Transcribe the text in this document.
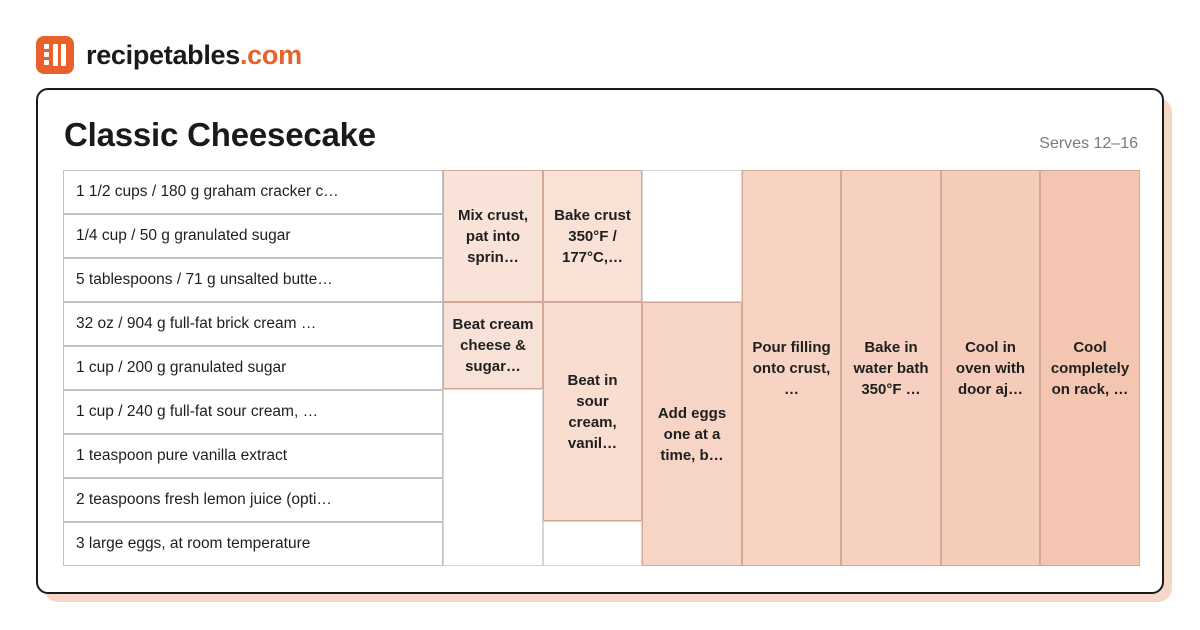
recipetables.com
Classic Cheesecake	Serves 12–16
1 1/2 cups / 180 g graham cracker c…
1/4 cup / 50 g granulated sugar
5 tablespoons / 71 g unsalted butte…
32 oz / 904 g full-fat brick cream …
1 cup / 200 g granulated sugar
1 cup / 240 g full-fat sour cream, …
1 teaspoon pure vanilla extract
2 teaspoons fresh lemon juice (opti…
3 large eggs, at room temperature
Mix crust, pat into sprin…
Bake crust 350°F / 177°C,…
Beat cream cheese & sugar…
Beat in sour cream, vanil…
Add eggs one at a time, b…
Pour filling onto crust, …
Bake in water bath 350°F …
Cool in oven with door aj…
Cool completely on rack, …
